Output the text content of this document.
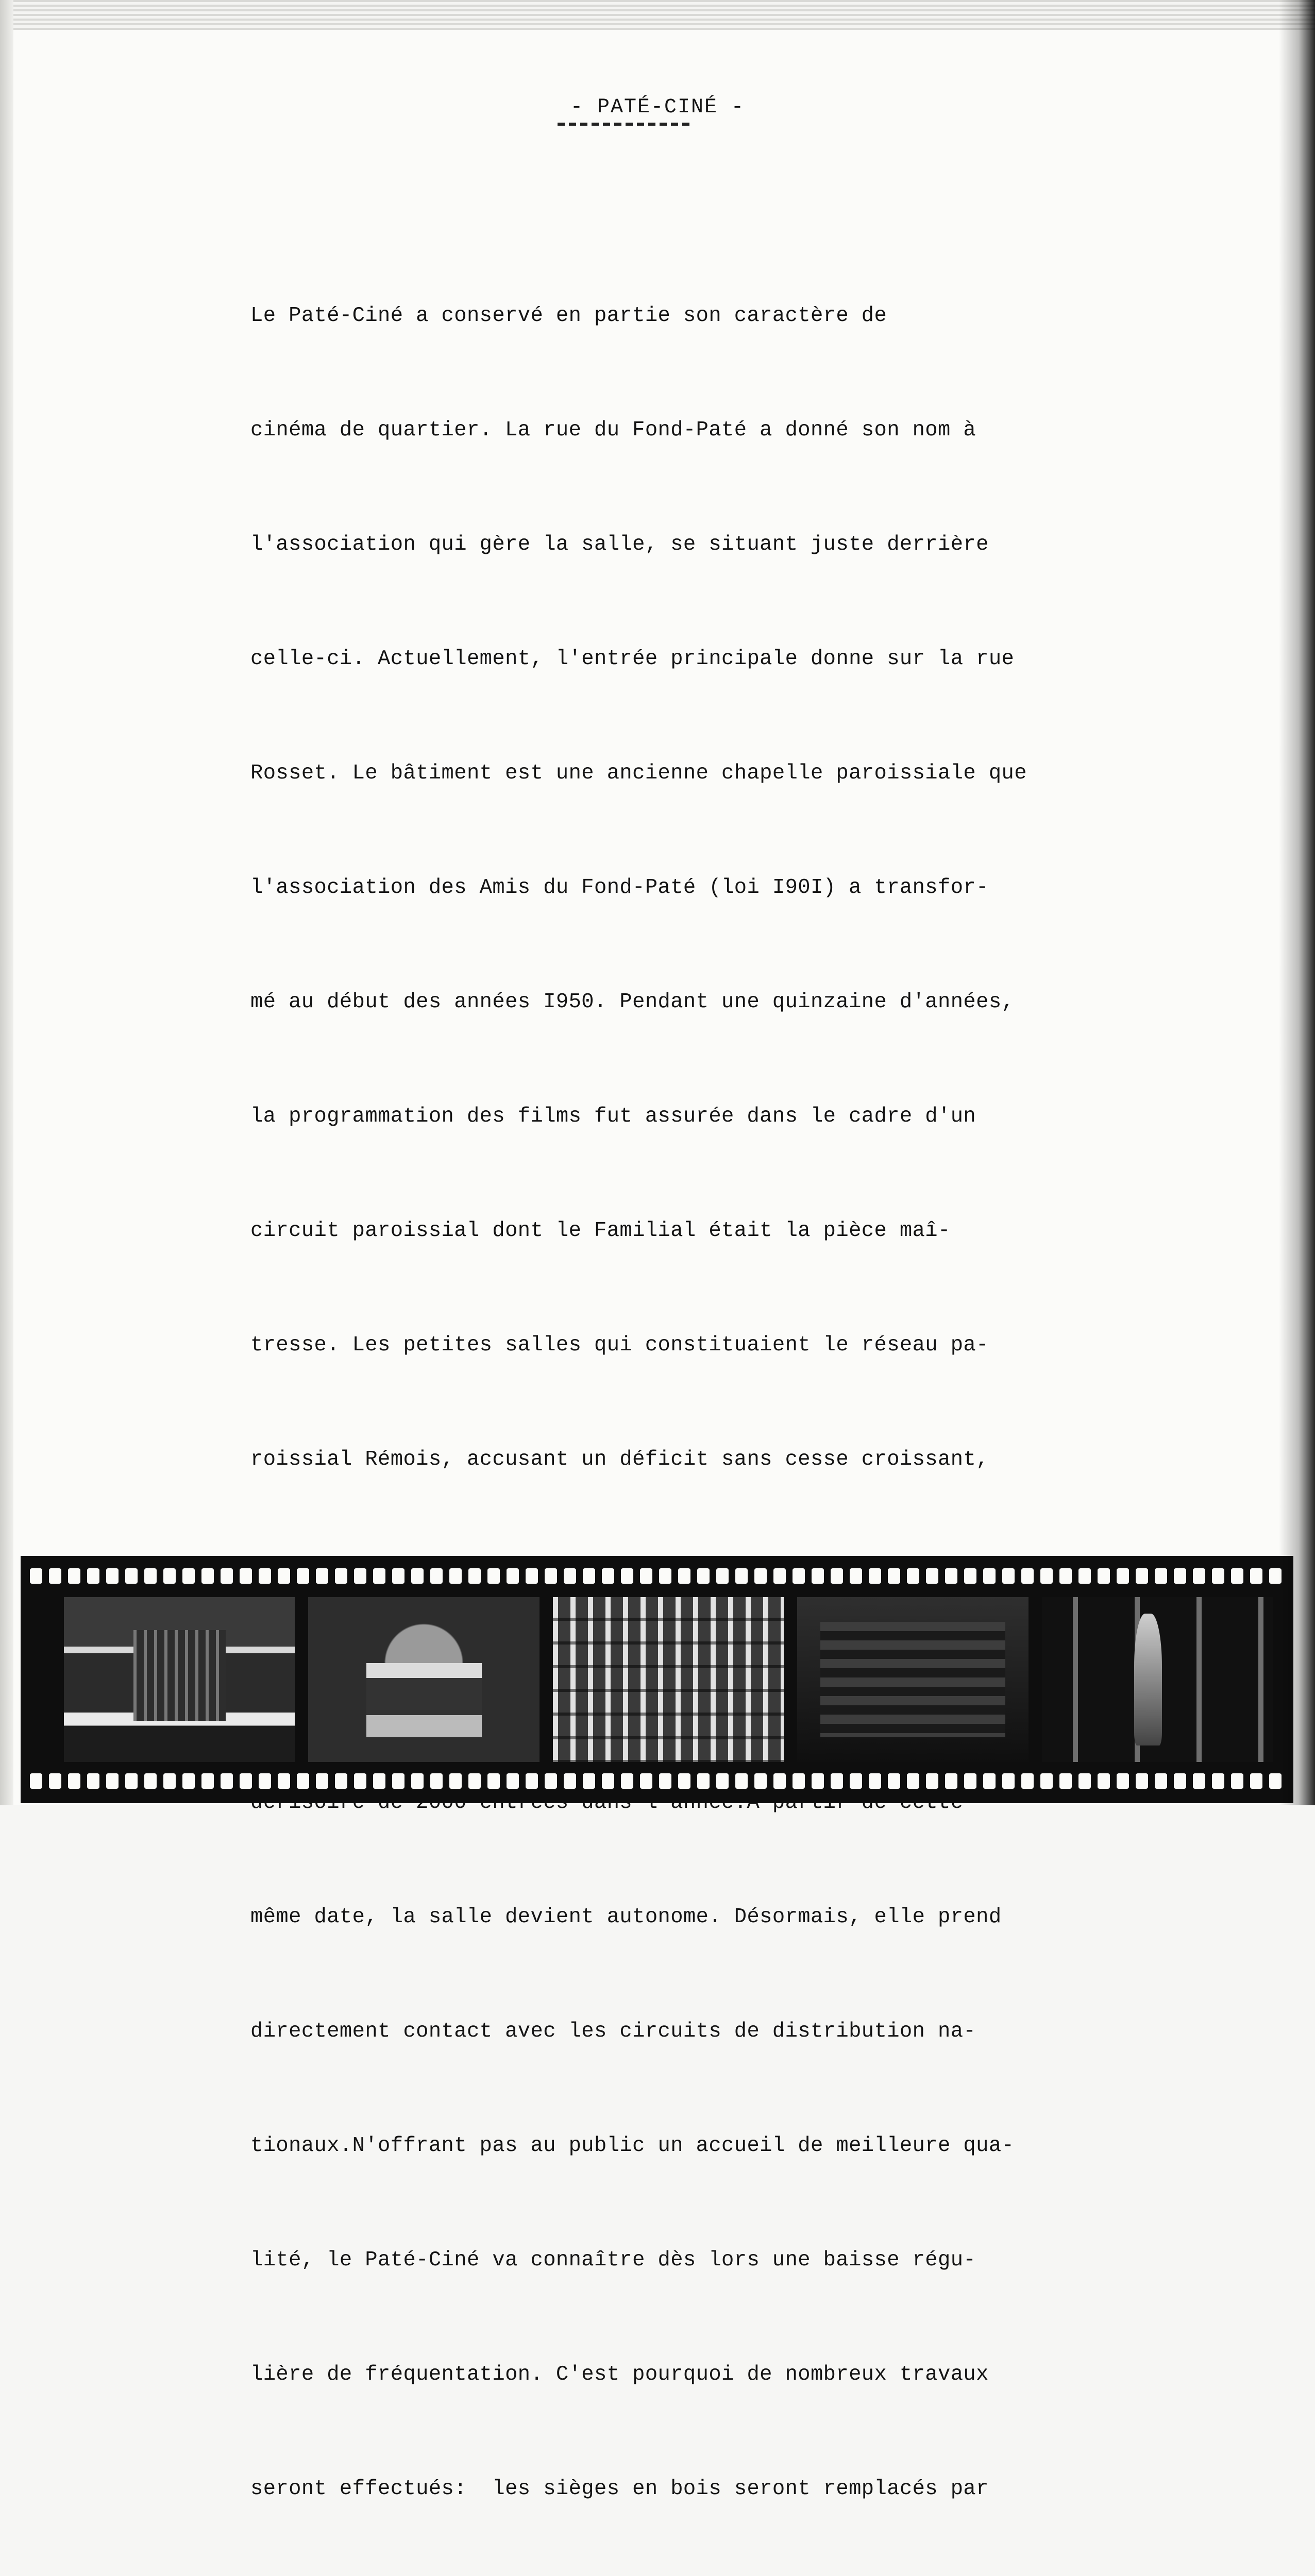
- PATÉ-CINÉ -

Le Paté-Ciné a conservé en partie son caractère de

cinéma de quartier. La rue du Fond-Paté a donné son nom à

l'association qui gère la salle, se situant juste derrière

celle-ci. Actuellement, l'entrée principale donne sur la rue

Rosset. Le bâtiment est une ancienne chapelle paroissiale que

l'association des Amis du Fond-Paté (loi I90I) a transfor-

mé au début des années I950. Pendant une quinzaine d'années,

la programmation des films fut assurée dans le cadre d'un

circuit paroissial dont le Familial était la pièce maî-

tresse. Les petites salles qui constituaient le réseau pa-

roissial Rémois, accusant un déficit sans cesse croissant,

même date, la salle devient autonome. Désormais, elle prend

directement contact avec les circuits de distribution na-

tionaux.N'offrant pas au public un accueil de meilleure qua-

lité, le Paté-Ciné va connaître dès lors une baisse régu-

lière de fréquentation. C'est pourquoi de nombreux travaux

seront effectués:  les sièges en bois seront remplacés par
